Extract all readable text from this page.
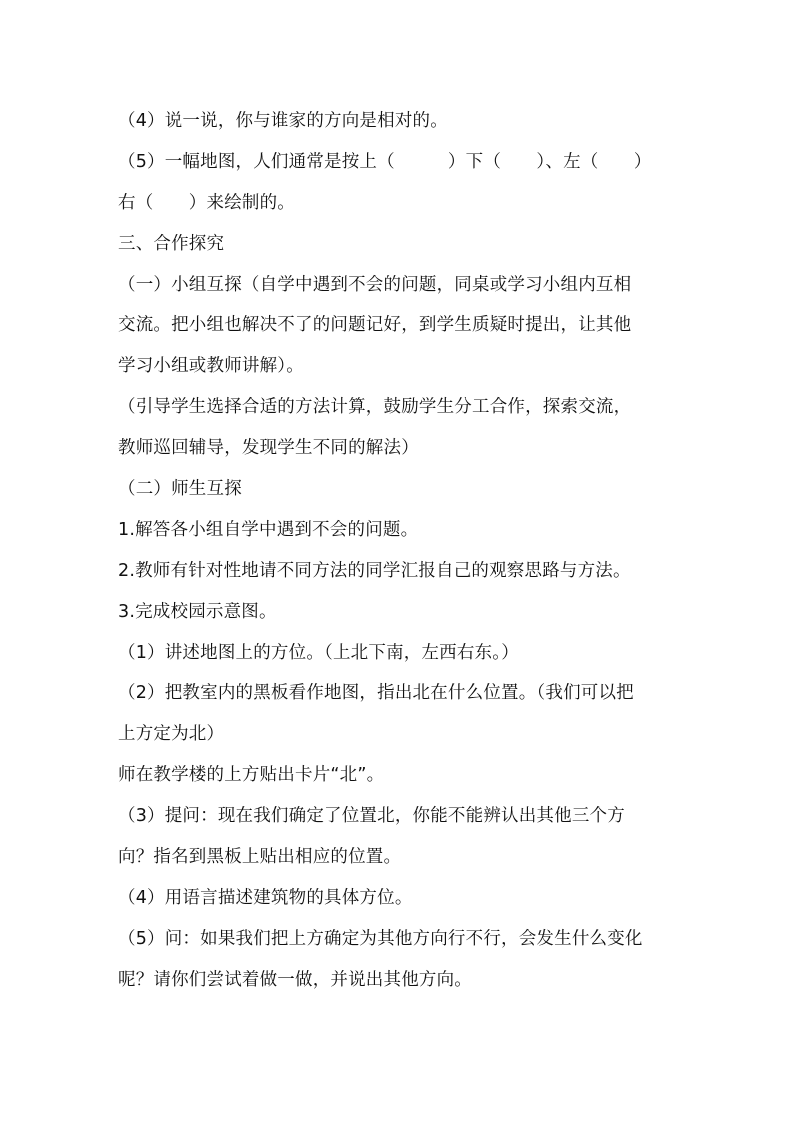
（4）说一说，你与谁家的方向是相对的。
（5）一幅地图，人们通常是按上（　　　）下（　　）、左（　　）
右（　　）来绘制的。
三、合作探究
（一）小组互探（自学中遇到不会的问题，同桌或学习小组内互相
交流。把小组也解决不了的问题记好，到学生质疑时提出，让其他
学习小组或教师讲解）。
（引导学生选择合适的方法计算，鼓励学生分工合作，探索交流，
教师巡回辅导，发现学生不同的解法）
（二）师生互探
1.解答各小组自学中遇到不会的问题。
2.教师有针对性地请不同方法的同学汇报自己的观察思路与方法。
3.完成校园示意图。
（1）讲述地图上的方位。（上北下南，左西右东。）
（2）把教室内的黑板看作地图，指出北在什么位置。（我们可以把
上方定为北）
师在教学楼的上方贴出卡片“北”。
（3）提问：现在我们确定了位置北，你能不能辨认出其他三个方
向？指名到黑板上贴出相应的位置。
（4）用语言描述建筑物的具体方位。
（5）问：如果我们把上方确定为其他方向行不行，会发生什么变化
呢？请你们尝试着做一做，并说出其他方向。
